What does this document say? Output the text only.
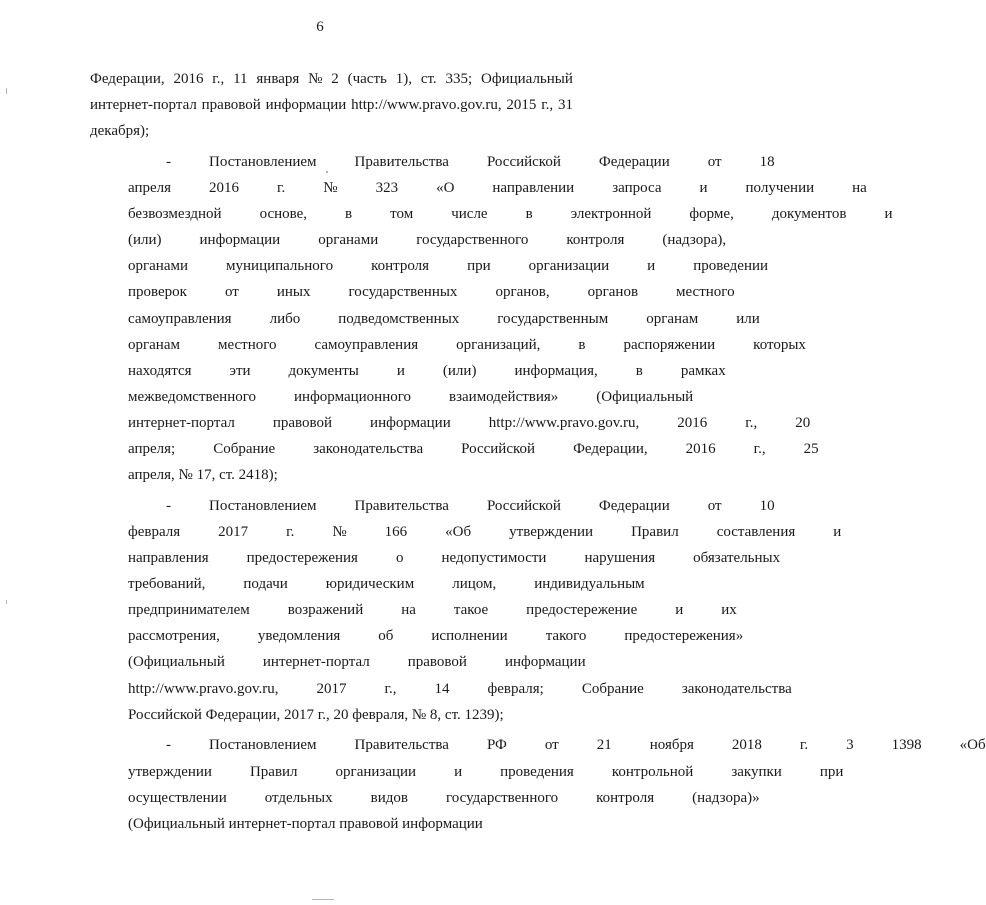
6
Федерации, 2016 г., 11 января № 2 (часть 1), ст. 335; Официальный
интернет-портал правовой информации http://www.pravo.gov.ru, 2015 г., 31
декабря);
-	Постановлением	Правительства	Российской	Федерации	от	18
апреля	2016	г.	№	323	«О	направлении	запроса	и	получении	на
безвозмездной	основе,	в	том	числе	в	электронной	форме,	документов	и
(или)	информации	органами	государственного	контроля	(надзора),
органами	муниципального	контроля	при	организации	и	проведении
проверок	от	иных	государственных	органов,	органов	местного
самоуправления	либо	подведомственных	государственным	органам	или
органам	местного	самоуправления	организаций,	в	распоряжении	которых
находятся	эти	документы	и	(или)	информация,	в	рамках
межведомственного	информационного	взаимодействия»	(Официальный
интернет-портал	правовой	информации	http://www.pravo.gov.ru,	2016	г.,	20
апреля;	Собрание	законодательства	Российской	Федерации,	2016	г.,	25
апреля, № 17, ст. 2418);
-	Постановлением	Правительства	Российской	Федерации	от	10
февраля	2017	г.	№	166	«Об	утверждении	Правил	составления	и
направления	предостережения	о	недопустимости	нарушения	обязательных
требований,	подачи	юридическим	лицом,	индивидуальным
предпринимателем	возражений	на	такое	предостережение	и	их
рассмотрения,	уведомления	об	исполнении	такого	предостережения»
(Официальный	интернет-портал	правовой	информации
http://www.pravo.gov.ru,	2017	г.,	14	февраля;	Собрание	законодательства
Российской Федерации, 2017 г., 20 февраля, № 8, ст. 1239);
-	Постановлением	Правительства	РФ	от	21	ноября	2018	г.	3	1398	«Об
утверждении	Правил	организации	и	проведения	контрольной	закупки	при
осуществлении	отдельных	видов	государственного	контроля	(надзора)»
(Официальный интернет-портал правовой информации
